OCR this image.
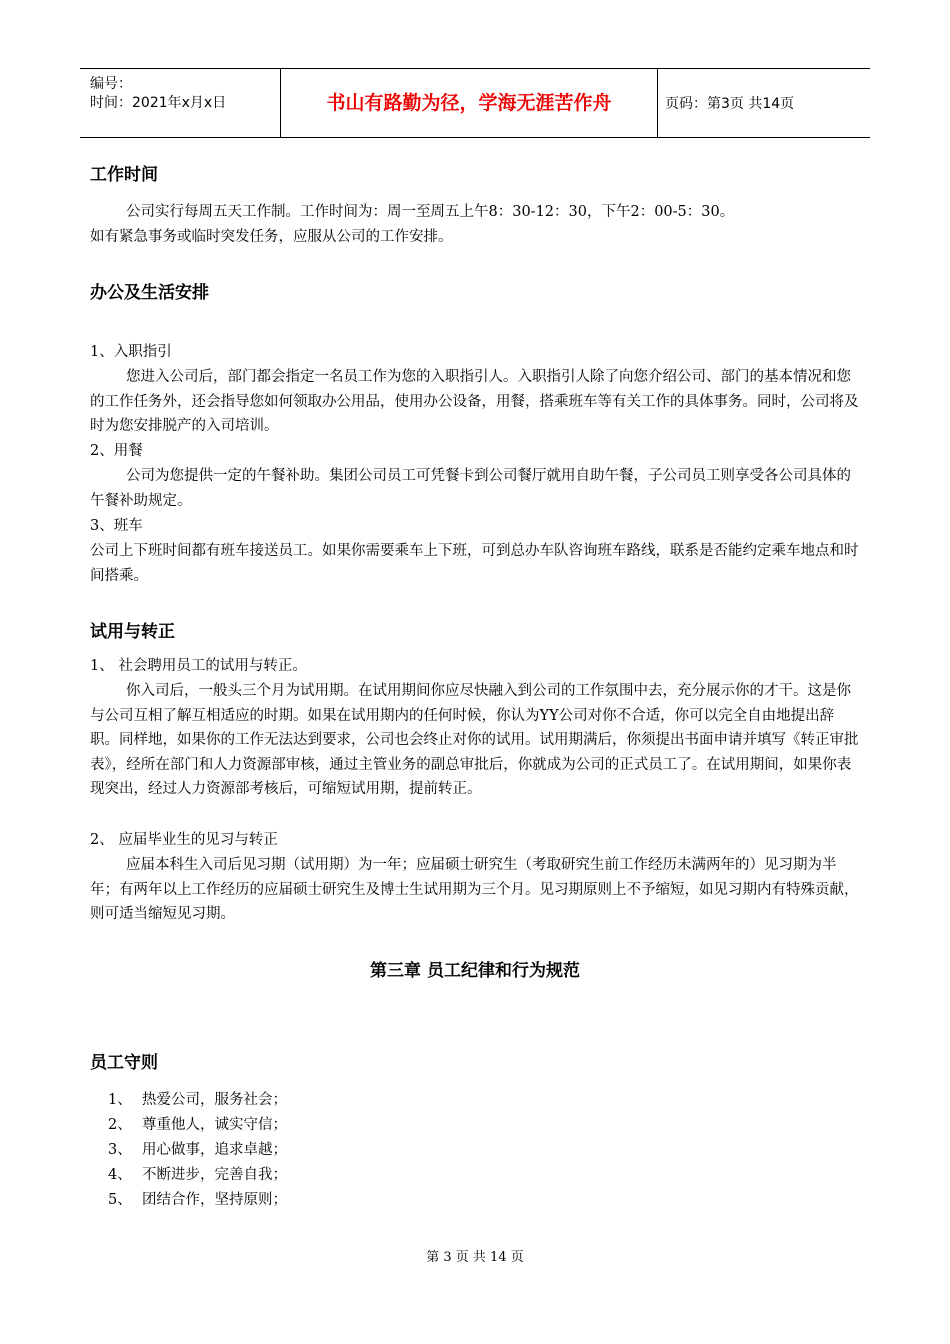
编号：
时间：2021年x月x日	书山有路勤为径，学海无涯苦作舟	页码：第3页 共14页
工作时间
公司实行每周五天工作制。工作时间为：周一至周五上午8：30-12：30，下午2：00-5：30。
如有紧急事务或临时突发任务，应服从公司的工作安排。
办公及生活安排
1、入职指引
您进入公司后，部门都会指定一名员工作为您的入职指引人。入职指引人除了向您介绍公司、部门的基本情况和您的工作任务外，还会指导您如何领取办公用品，使用办公设备，用餐，搭乘班车等有关工作的具体事务。同时，公司将及时为您安排脱产的入司培训。
2、用餐
公司为您提供一定的午餐补助。集团公司员工可凭餐卡到公司餐厅就用自助午餐，子公司员工则享受各公司具体的午餐补助规定。
3、班车
公司上下班时间都有班车接送员工。如果你需要乘车上下班，可到总办车队咨询班车路线，联系是否能约定乘车地点和时间搭乘。
试用与转正
1、 社会聘用员工的试用与转正。
你入司后，一般头三个月为试用期。在试用期间你应尽快融入到公司的工作氛围中去，充分展示你的才干。这是你与公司互相了解互相适应的时期。如果在试用期内的任何时候，你认为YY公司对你不合适，你可以完全自由地提出辞职。同样地，如果你的工作无法达到要求，公司也会终止对你的试用。试用期满后，你须提出书面申请并填写《转正审批表》，经所在部门和人力资源部审核，通过主管业务的副总审批后，你就成为公司的正式员工了。在试用期间，如果你表现突出，经过人力资源部考核后，可缩短试用期，提前转正。
2、 应届毕业生的见习与转正
应届本科生入司后见习期（试用期）为一年；应届硕士研究生（考取研究生前工作经历未满两年的）见习期为半年；有两年以上工作经历的应届硕士研究生及博士生试用期为三个月。见习期原则上不予缩短，如见习期内有特殊贡献，则可适当缩短见习期。
第三章 员工纪律和行为规范
员工守则
1、 热爱公司，服务社会；
2、 尊重他人，诚实守信；
3、 用心做事，追求卓越；
4、 不断进步，完善自我；
5、 团结合作，坚持原则；
第 3 页 共 14 页
